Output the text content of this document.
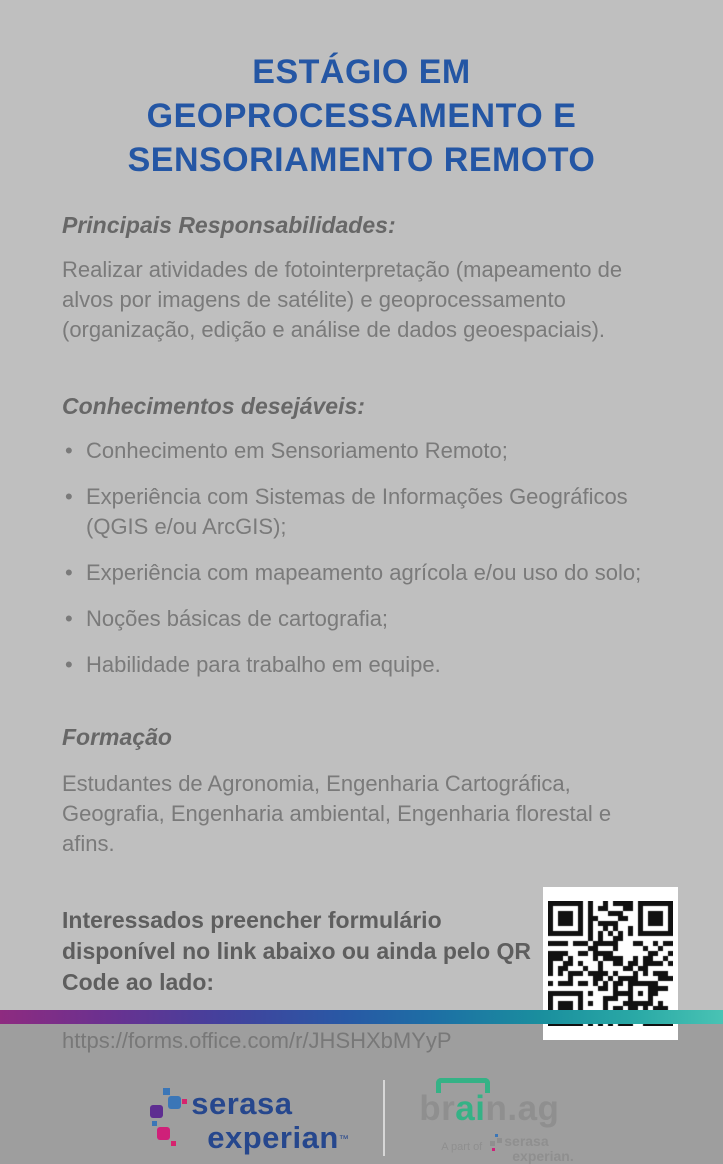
ESTÁGIO EM
GEOPROCESSAMENTO E
SENSORIAMENTO REMOTO
Principais Responsabilidades:

Realizar atividades de fotointerpretação (mapeamento de alvos por imagens de satélite) e geoprocessamento (organização, edição e análise de dados geoespaciais).

Conhecimentos desejáveis:
• Conhecimento em Sensoriamento Remoto;
• Experiência com Sistemas de Informações Geográficos (QGIS e/ou ArcGIS);
• Experiência com mapeamento agrícola e/ou uso do solo;
• Noções básicas de cartografia;
• Habilidade para trabalho em equipe.
Formação

Estudantes de Agronomia, Engenharia Cartográfica, Geografia, Engenharia ambiental, Engenharia florestal e afins.

Interessados preencher formulário disponível no link abaixo ou ainda pelo QR Code ao lado:

https://forms.office.com/r/JHSHXbMYyP
serasa
experian™
brain.ag
A part of serasa
experian.
